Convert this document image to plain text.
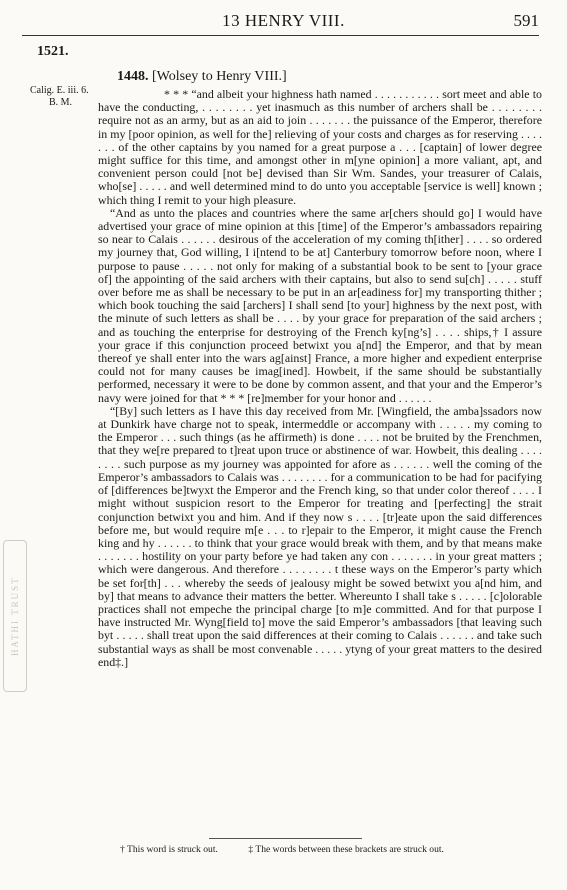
13 HENRY VIII.	591
1521.
Calig. E. iii. 6.
B. M.
1448. [Wolsey to Henry VIII.]

* * * “and albeit your highness hath named . . . . . . . . . . . sort meet and able to have the conducting, . . . . . . . . yet inasmuch as this number of archers shall be . . . . . . . . require not as an army, but as an aid to join . . . . . . . the puissance of the Emperor, therefore in my [poor opinion, as well for the] relieving of your costs and charges as for reserving . . . . . . . of the other captains by you named for a great purpose a . . . [captain] of lower degree might suffice for this time, and amongst other in m[yne opinion] a more valiant, apt, and convenient person could [not be] devised than Sir Wm. Sandes, your treasurer of Calais, who[se] . . . . . and well determined mind to do unto you acceptable [service is well] known ; which thing I remit to your high pleasure.

“And as unto the places and countries where the same ar[chers should go] I would have advertised your grace of mine opinion at this [time] of the Emperor’s ambassadors repairing so near to Calais . . . . . . desirous of the acceleration of my coming th[ither] . . . . so ordered my journey that, God willing, I i[ntend to be at] Canterbury tomorrow before noon, where I purpose to pause . . . . . not only for making of a substantial book to be sent to [your grace of] the appointing of the said archers with their captains, but also to send su[ch] . . . . . stuff over before me as shall be necessary to be put in an ar[eadiness for] my transporting thither ; which book touching the said [archers] I shall send [to your] highness by the next post, with the minute of such letters as shall be . . . . by your grace for preparation of the said archers ; and as touching the enterprise for destroying of the French ky[ng’s] . . . . ships,† I assure your grace if this conjunction proceed betwixt you a[nd] the Emperor, and that by mean thereof ye shall enter into the wars ag[ainst] France, a more higher and expedient enterprise could not for many causes be imag[ined]. Howbeit, if the same should be substantially performed, necessary it were to be done by common assent, and that your and the Emperor’s navy were joined for that * * * [re]member for your honor and . . . . . .

“[By] such letters as I have this day received from Mr. [Wingfield, the amba]ssadors now at Dunkirk have charge not to speak, intermeddle or accompany with . . . . . my coming to the Emperor . . . such things (as he affirmeth) is done . . . . not be bruited by the Frenchmen, that they we[re prepared to t]reat upon truce or abstinence of war. Howbeit, this dealing . . . . . . . . such purpose as my journey was appointed for afore as . . . . . . well the coming of the Emperor’s ambassadors to Calais was . . . . . . . . for a communication to be had for pacifying of [differences be]twyxt the Emperor and the French king, so that under color thereof . . . . I might without suspicion resort to the Emperor for treating and [perfecting] the strait conjunction betwixt you and him. And if they now s . . . . [tr]eate upon the said differences before me, but would require m[e . . . to r]epair to the Emperor, it might cause the French king and hy . . . . . . to think that your grace would break with them, and by that means make . . . . . . . hostility on your party before ye had taken any con . . . . . . . in your great matters ; which were dangerous. And therefore . . . . . . . . t these ways on the Emperor’s party which be set for[th] . . . whereby the seeds of jealousy might be sowed betwixt you a[nd him, and by] that means to advance their matters the better. Whereunto I shall take s . . . . . [c]olorable practices shall not empeche the principal charge [to m]e committed. And for that purpose I have instructed Mr. Wyng[field to] move the said Emperor’s ambassadors [that leaving such byt . . . . . shall treat upon the said differences at their coming to Calais . . . . . . and take such substantial ways as shall be most convenable . . . . . ytyng of your great matters to the desired end‡.]

† This word is struck out.	‡ The words between these brackets are struck out.
HATHI TRUST
